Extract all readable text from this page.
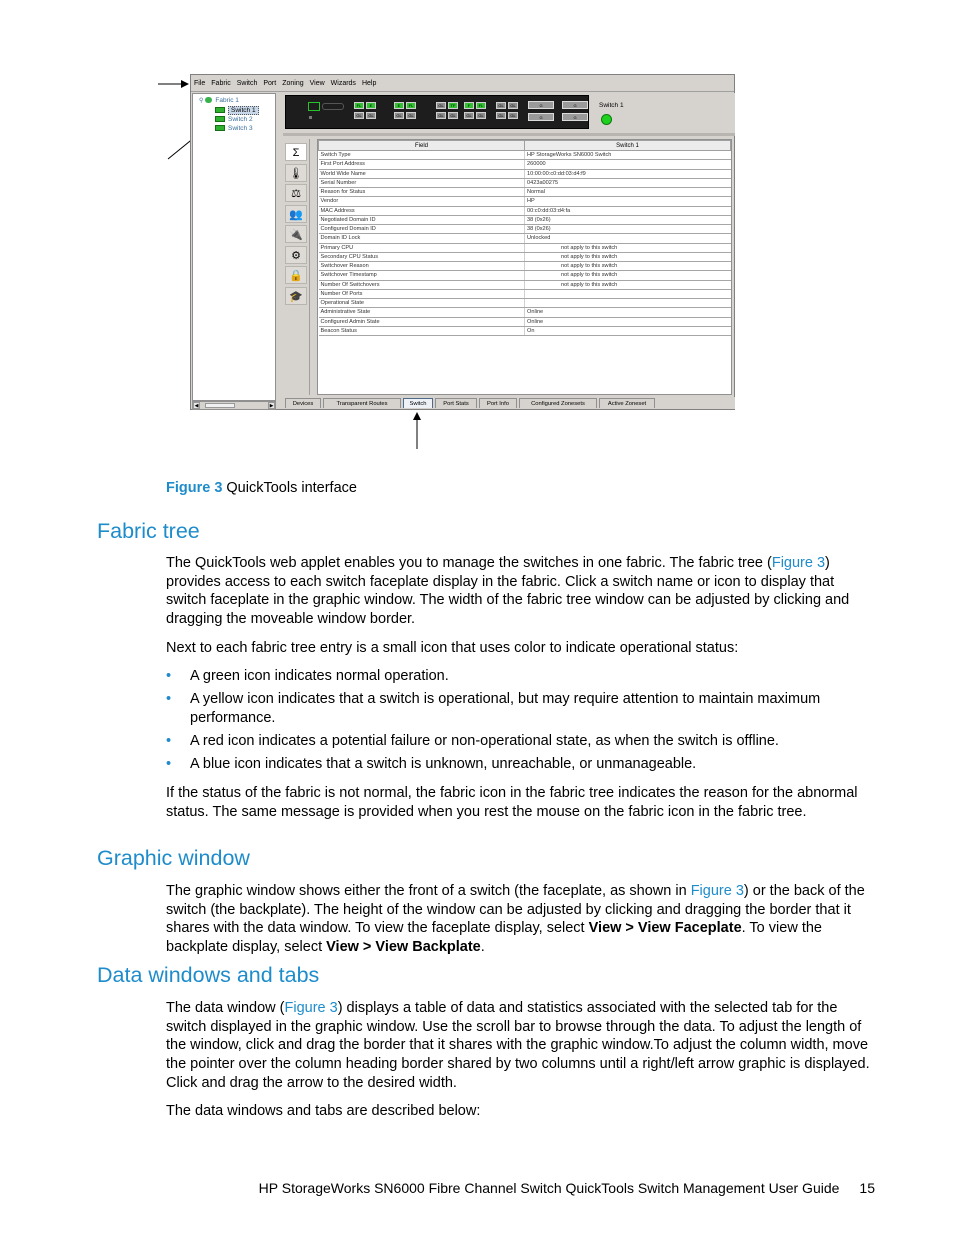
File Fabric Switch Port Zoning View Wizards Help
⚲ Fabric 1
Switch 1
Switch 2
Switch 3
◀	▶
FL	E	E	FL	GL	TF	F	FL	GL	GL
GL	GL	GL	GL	GL	GL	GL	GL	GL	GL
G	G
G	G
Switch 1
Σ
🌡
⚖
👥
🔌
⚙
🔒
🎓
Field	Switch 1
Switch Type	HP StorageWorks SN6000 Switch
First Port Address	260000
World Wide Name	10:00:00:c0:dd:03:d4:f9
Serial Number	0423a00275
Reason for Status	Normal
Vendor	HP
MAC Address	00:c0:dd:03:d4:fa
Negotiated Domain ID	38 (0x26)
Configured Domain ID	38 (0x26)
Domain ID Lock	Unlocked
Primary CPU	not apply to this switch
Secondary CPU Status	not apply to this switch
Switchover Reason	not apply to this switch
Switchover Timestamp	not apply to this switch
Number Of Switchovers	not apply to this switch
Number Of Ports	
Operational State	
Administrative State	Online
Configured Admin State	Online
Beacon Status	On
Devices	Transparent Routes	Switch	Port Stats	Port Info	Configured Zonesets	Active Zoneset
Figure 3 QuickTools interface
Fabric tree

The QuickTools web applet enables you to manage the switches in one fabric. The fabric tree (Figure 3) provides access to each switch faceplate display in the fabric. Click a switch name or icon to display that switch faceplate in the graphic window. The width of the fabric tree window can be adjusted by clicking and dragging the moveable window border.

Next to each fabric tree entry is a small icon that uses color to indicate operational status:

• A green icon indicates normal operation.
• A yellow icon indicates that a switch is operational, but may require attention to maintain maximum performance.
• A red icon indicates a potential failure or non-operational state, as when the switch is offline.
• A blue icon indicates that a switch is unknown, unreachable, or unmanageable.

If the status of the fabric is not normal, the fabric icon in the fabric tree indicates the reason for the abnormal status. The same message is provided when you rest the mouse on the fabric icon in the fabric tree.

Graphic window

The graphic window shows either the front of a switch (the faceplate, as shown in Figure 3) or the back of the switch (the backplate). The height of the window can be adjusted by clicking and dragging the border that it shares with the data window. To view the faceplate display, select View > View Faceplate. To view the backplate display, select View > View Backplate.

Data windows and tabs

The data window (Figure 3) displays a table of data and statistics associated with the selected tab for the switch displayed in the graphic window. Use the scroll bar to browse through the data. To adjust the length of the window, click and drag the border that it shares with the graphic window.To adjust the column width, move the pointer over the column heading border shared by two columns until a right/left arrow graphic is displayed. Click and drag the arrow to the desired width.

The data windows and tabs are described below:

HP StorageWorks SN6000 Fibre Channel Switch QuickTools Switch Management User Guide 15
